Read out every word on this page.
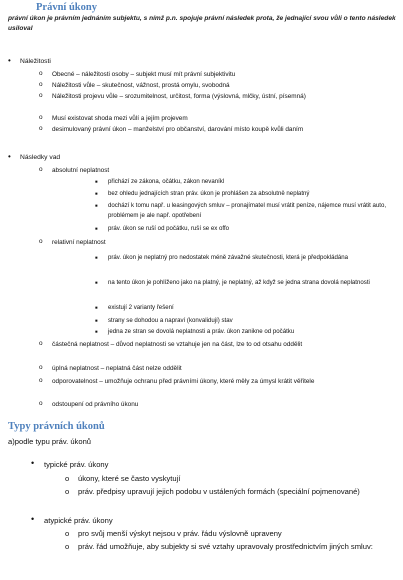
Právní úkony
právní úkon je právním jednáním subjektu, s nímž p.n. spojuje právní následek prota, že jednající svou vůli o tento následek usiloval
• Náležitosti
o Obecné – náležitosti osoby – subjekt musí mít právní subjektivitu
o Náležitosti vůle – skutečnost, vážnost, prostá omylu, svobodná
o Náležitosti projevu vůle – srozumitelnost, určitost, forma (výslovná, mlčky, ústní, písemná)
o Musí existovat shoda mezi vůlí a jejím projevem
o desimulovaný právní úkon – manželství pro občanství, darování místo koupě kvůli daním
• Následky vad
o absolutní neplatnost
■ přichází ze zákona, očátku, zákon nevaníkl
■ bez ohledu jednajících stran práv. úkon je prohlášen za absolutně neplatný
■ dochází k tomu např. u leasingových smluv – pronajímatel musí vrátit peníze, nájemce musí vrátit auto, problémem je ale např. opotřebení
■ práv. úkon se ruší od počátku, ruší se ex offo
o relativní neplatnost
■ práv. úkon je neplatný pro nedostatek méně závažné skutečnosti, která je předpokládána
■ na tento úkon je pohlíženo jako na platný, je neplatný, až když se jedna strana dovolá neplatnosti
■ existují 2 varianty řešení
■ strany se dohodou a napraví (konvalidují) stav
■ jedna ze stran se dovolá neplatnosti a práv. úkon zanikne od počátku
o částečná neplatnost – důvod neplatnosti se vztahuje jen na část, lze to od otsahu oddělit
o úplná neplatnost – neplatná část nelze oddělit
o odporovatelnost – umožňuje ochranu před právními úkony, které měly za úmysl krátit věřitele
o odstoupení od právního úkonu
Typy právních úkonů
a)podle typu práv. úkonů
• typické práv. úkony
o úkony, které se často vyskytují
o práv. předpisy upravují jejich podobu v ustálených formách (speciální pojmenované)
• atypické práv. úkony
o pro svůj menší výskyt nejsou v práv. řádu výslovně upraveny
o práv. řád umožňuje, aby subjekty si své vztahy upravovaly prostřednictvím jiných smluv:
